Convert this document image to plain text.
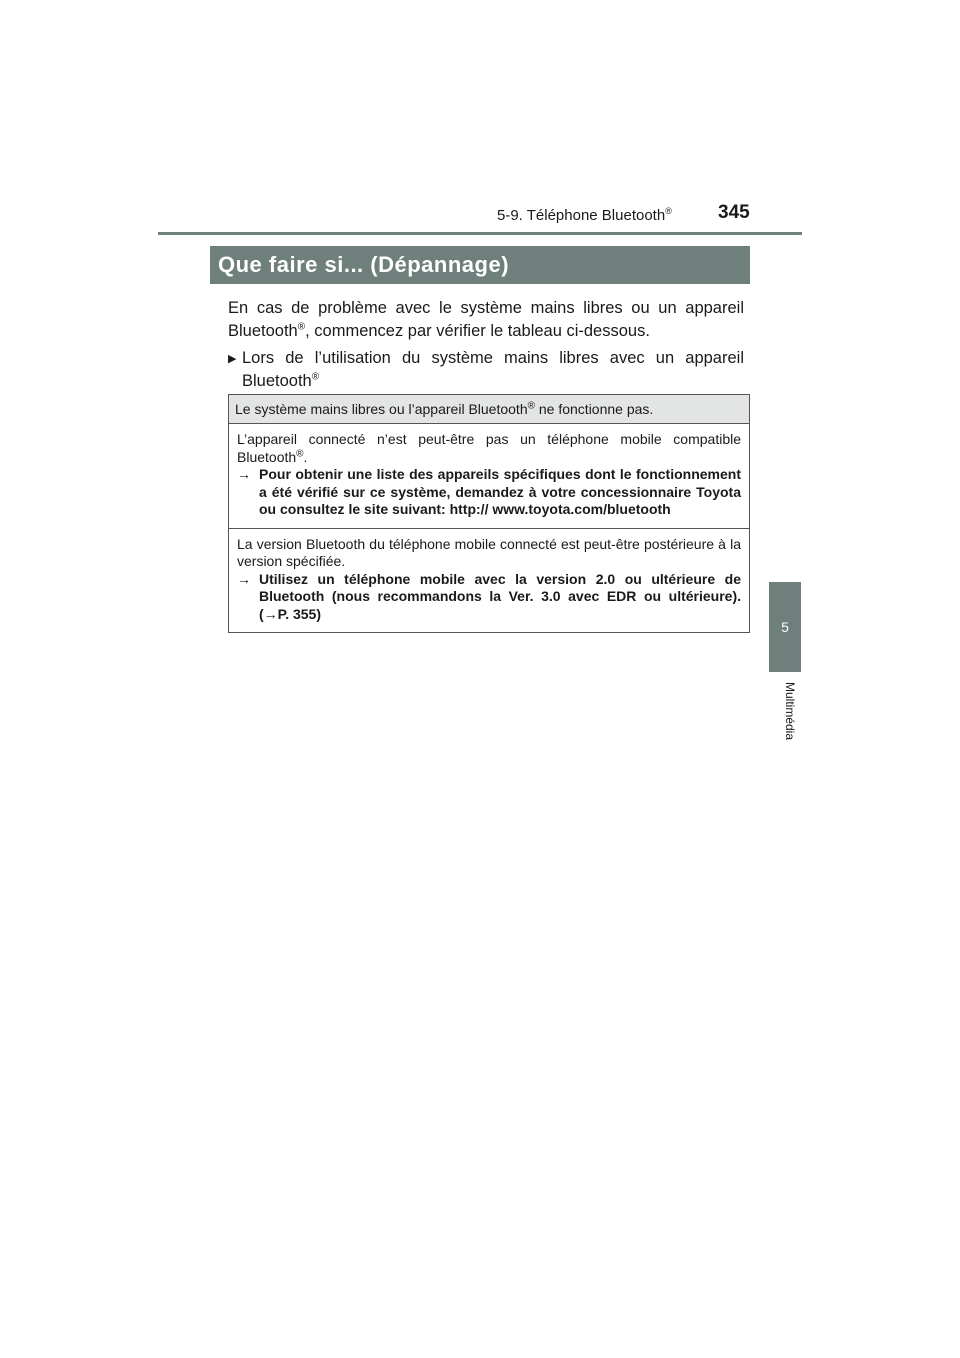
5-9. Téléphone Bluetooth® 345
5
Multimédia
Que faire si... (Dépannage)
En cas de problème avec le système mains libres ou un appareil Bluetooth®, commencez par vérifier le tableau ci-dessous.
▶ Lors de l’utilisation du système mains libres avec un appareil Bluetooth®
Le système mains libres ou l’appareil Bluetooth® ne fonctionne pas.
L’appareil connecté n’est peut-être pas un téléphone mobile compatible Bluetooth®.
→ Pour obtenir une liste des appareils spécifiques dont le fonctionnement a été vérifié sur ce système, demandez à votre concessionnaire Toyota ou consultez le site suivant: http:// www.toyota.com/bluetooth
La version Bluetooth du téléphone mobile connecté est peut-être postérieure à la version spécifiée.
→ Utilisez un téléphone mobile avec la version 2.0 ou ultérieure de Bluetooth (nous recommandons la Ver. 3.0 avec EDR ou ultérieure). (→P. 355)
